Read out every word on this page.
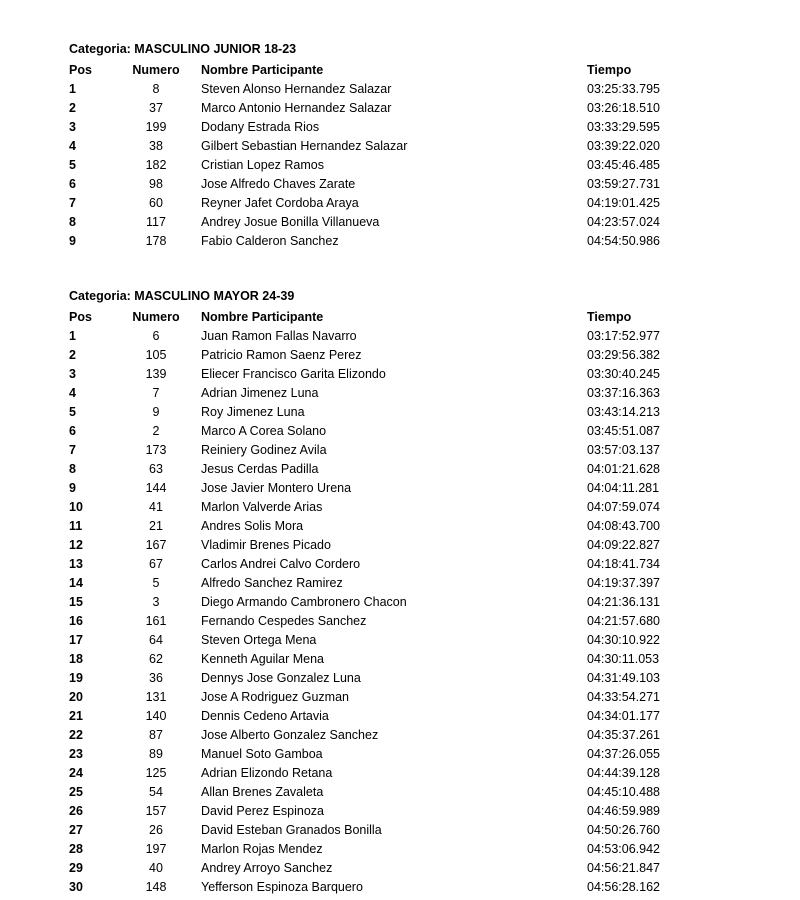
Categoria: MASCULINO JUNIOR 18-23
Pos	Numero	Nombre Participante	Tiempo
1	8	Steven Alonso Hernandez Salazar	03:25:33.795
2	37	Marco Antonio Hernandez Salazar	03:26:18.510
3	199	Dodany Estrada Rios	03:33:29.595
4	38	Gilbert Sebastian Hernandez Salazar	03:39:22.020
5	182	Cristian Lopez Ramos	03:45:46.485
6	98	Jose Alfredo Chaves Zarate	03:59:27.731
7	60	Reyner Jafet Cordoba Araya	04:19:01.425
8	117	Andrey Josue Bonilla Villanueva	04:23:57.024
9	178	Fabio Calderon Sanchez	04:54:50.986
Categoria: MASCULINO MAYOR 24-39
Pos	Numero	Nombre Participante	Tiempo
1	6	Juan Ramon Fallas Navarro	03:17:52.977
2	105	Patricio Ramon Saenz Perez	03:29:56.382
3	139	Eliecer Francisco Garita Elizondo	03:30:40.245
4	7	Adrian Jimenez Luna	03:37:16.363
5	9	Roy Jimenez Luna	03:43:14.213
6	2	Marco A Corea Solano	03:45:51.087
7	173	Reiniery Godinez Avila	03:57:03.137
8	63	Jesus Cerdas Padilla	04:01:21.628
9	144	Jose Javier Montero Urena	04:04:11.281
10	41	Marlon Valverde Arias	04:07:59.074
11	21	Andres Solis Mora	04:08:43.700
12	167	Vladimir Brenes Picado	04:09:22.827
13	67	Carlos Andrei Calvo Cordero	04:18:41.734
14	5	Alfredo Sanchez Ramirez	04:19:37.397
15	3	Diego Armando Cambronero Chacon	04:21:36.131
16	161	Fernando Cespedes Sanchez	04:21:57.680
17	64	Steven Ortega Mena	04:30:10.922
18	62	Kenneth Aguilar Mena	04:30:11.053
19	36	Dennys Jose Gonzalez Luna	04:31:49.103
20	131	Jose A Rodriguez Guzman	04:33:54.271
21	140	Dennis Cedeno Artavia	04:34:01.177
22	87	Jose Alberto Gonzalez Sanchez	04:35:37.261
23	89	Manuel Soto Gamboa	04:37:26.055
24	125	Adrian Elizondo Retana	04:44:39.128
25	54	Allan Brenes Zavaleta	04:45:10.488
26	157	David Perez Espinoza	04:46:59.989
27	26	David Esteban Granados Bonilla	04:50:26.760
28	197	Marlon Rojas Mendez	04:53:06.942
29	40	Andrey Arroyo Sanchez	04:56:21.847
30	148	Yefferson Espinoza Barquero	04:56:28.162
